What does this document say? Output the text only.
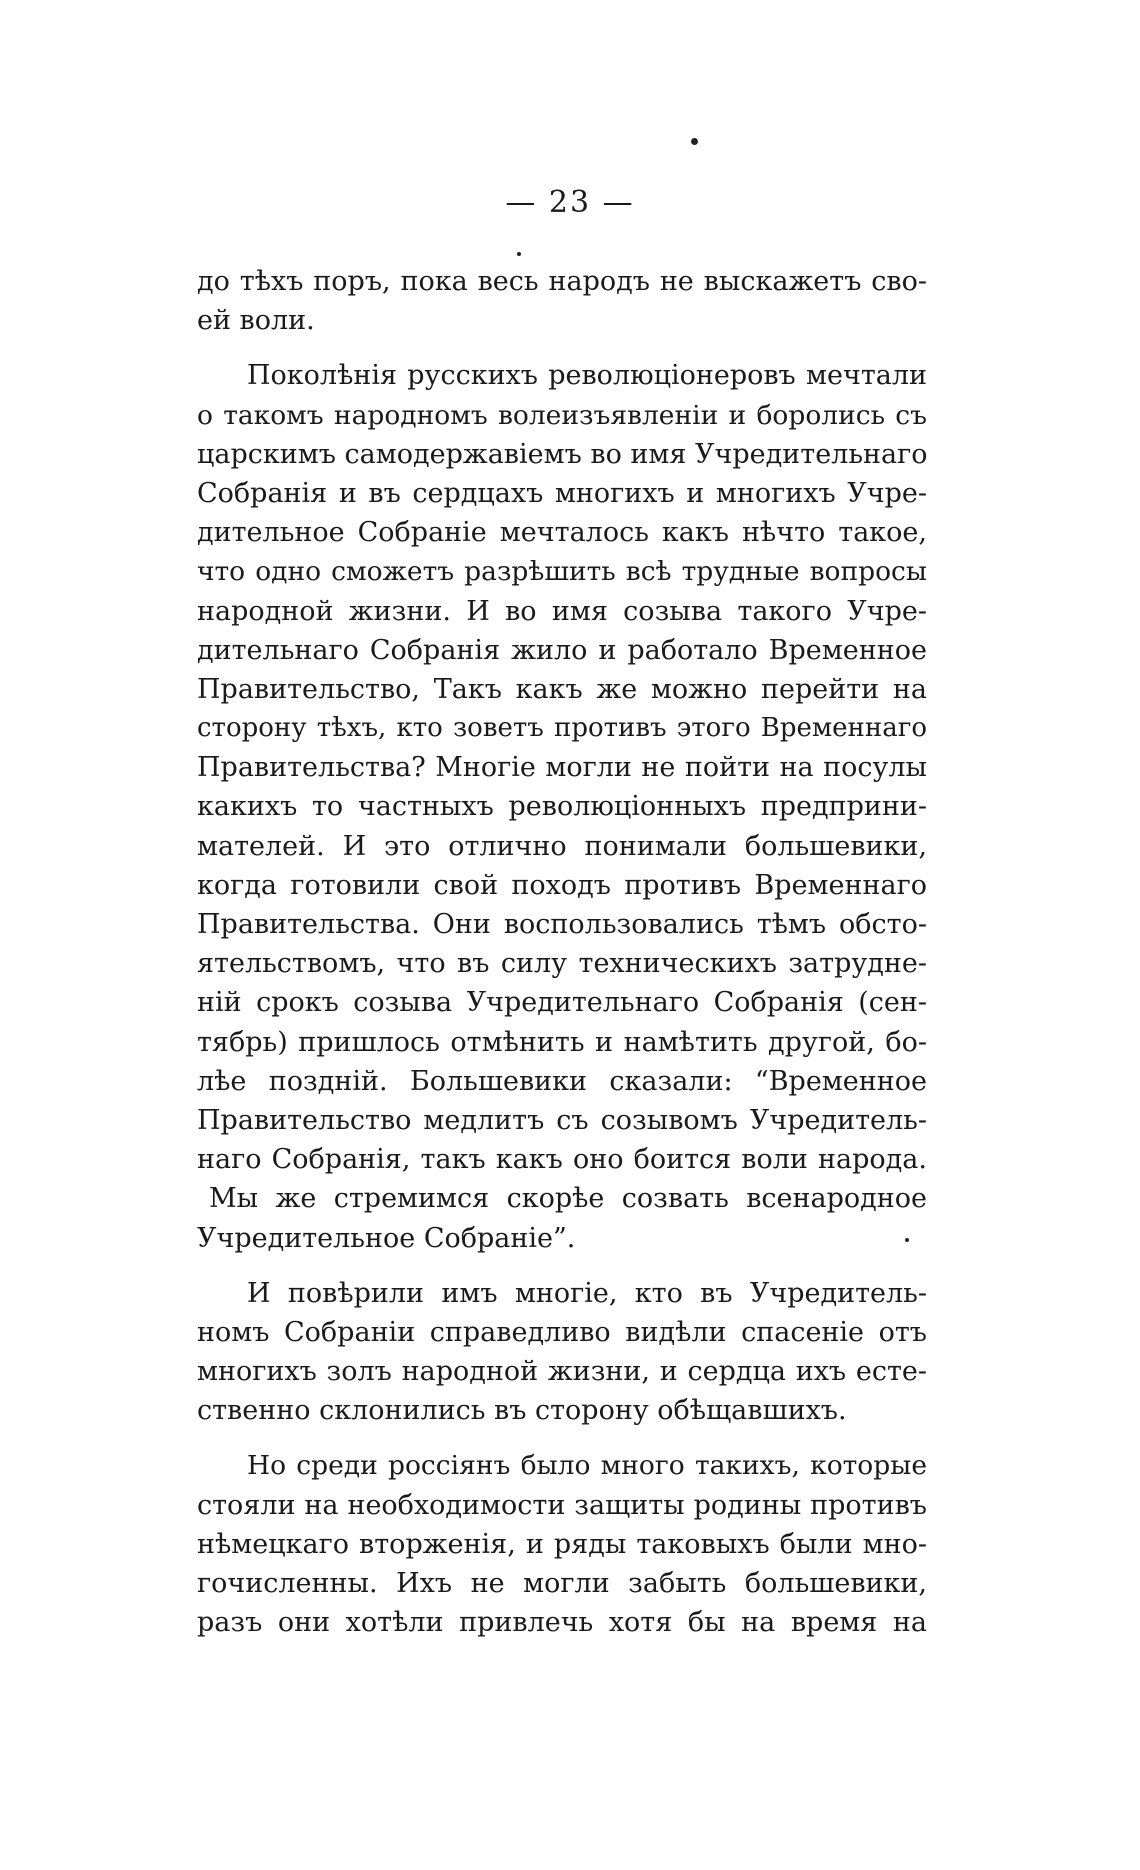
— 23 —
до тѣхъ поръ, пока весь народъ не выскажетъ сво-
ей воли.
Поколѣнія русскихъ революціонеровъ мечтали
о такомъ народномъ волеизъявленіи и боролись съ
царскимъ самодержавіемъ во имя Учредительнаго
Собранія и въ сердцахъ многихъ и многихъ Учре-
дительное Собраніе мечталось какъ нѣчто такое,
что одно сможетъ разрѣшить всѣ трудные вопросы
народной жизни. И во имя созыва такого Учре-
дительнаго Собранія жило и работало Временное
Правительство, Такъ какъ же можно перейти на
сторону тѣхъ, кто зоветъ противъ этого Временнаго
Правительства? Многіе могли не пойти на посулы
какихъ то частныхъ революціонныхъ предприни-
мателей. И это отлично понимали большевики,
когда готовили свой походъ противъ Временнаго
Правительства. Они воспользовались тѣмъ обсто-
ятельствомъ, что въ силу техническихъ затрудне-
ній срокъ созыва Учредительнаго Собранія (сен-
тябрь) пришлось отмѣнить и намѣтить другой, бо-
лѣе поздній. Большевики сказали: “Временное
Правительство медлитъ съ созывомъ Учредитель-
наго Собранія, такъ какъ оно боится воли народа.
Мы же стремимся скорѣе созвать всенародное
Учредительное Собраніе”.
И повѣрили имъ многіе, кто въ Учредитель-
номъ Собраніи справедливо видѣли спасеніе отъ
многихъ золъ народной жизни, и сердца ихъ есте-
ственно склонились въ сторону обѣщавшихъ.
Но среди россіянъ было много такихъ, которые
стояли на необходимости защиты родины противъ
нѣмецкаго вторженія, и ряды таковыхъ были мно-
гочисленны. Ихъ не могли забыть большевики,
разъ они хотѣли привлечь хотя бы на время на
